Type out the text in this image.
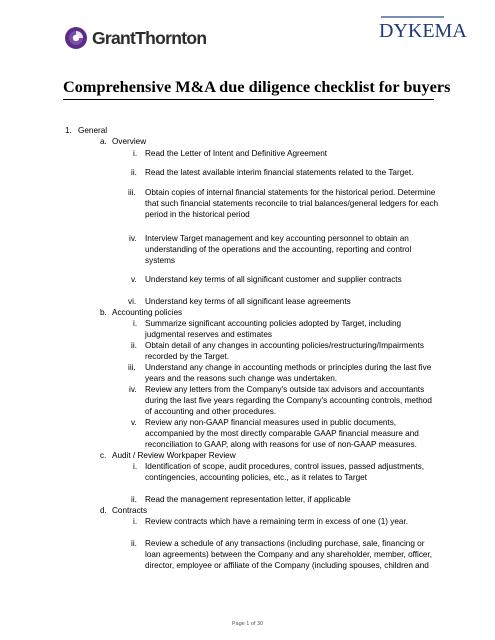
GrantThornton	DYKEMA
Comprehensive M&A due diligence checklist for buyers
1. General
a. Overview
i. Read the Letter of Intent and Definitive Agreement
ii. Read the latest available interim financial statements related to the Target.
iii. Obtain copies of internal financial statements for the historical period. Determine
that such financial statements reconcile to trial balances/general ledgers for each
period in the historical period
iv. Interview Target management and key accounting personnel to obtain an
understanding of the operations and the accounting, reporting and control
systems
v. Understand key terms of all significant customer and supplier contracts
vi. Understand key terms of all significant lease agreements
b. Accounting policies
i. Summarize significant accounting policies adopted by Target, including
judgmental reserves and estimates
ii. Obtain detail of any changes in accounting policies/restructuring/Impairments
recorded by the Target.
iii. Understand any change in accounting methods or principles during the last five
years and the reasons such change was undertaken.
iv. Review any letters from the Company's outside tax advisors and accountants
during the last five years regarding the Company's accounting controls, method
of accounting and other procedures.
v. Review any non-GAAP financial measures used in public documents,
accompanied by the most directly comparable GAAP financial measure and
reconciliation to GAAP, along with reasons for use of non-GAAP measures.
c. Audit / Review Workpaper Review
i. Identification of scope, audit procedures, control issues, passed adjustments,
contingencies, accounting policies, etc., as it relates to Target
ii. Read the management representation letter, if applicable
d. Contracts
i. Review contracts which have a remaining term in excess of one (1) year.
ii. Review a schedule of any transactions (including purchase, sale, financing or
loan agreements) between the Company and any shareholder, member, officer,
director, employee or affiliate of the Company (including spouses, children and
Page 1 of 30
